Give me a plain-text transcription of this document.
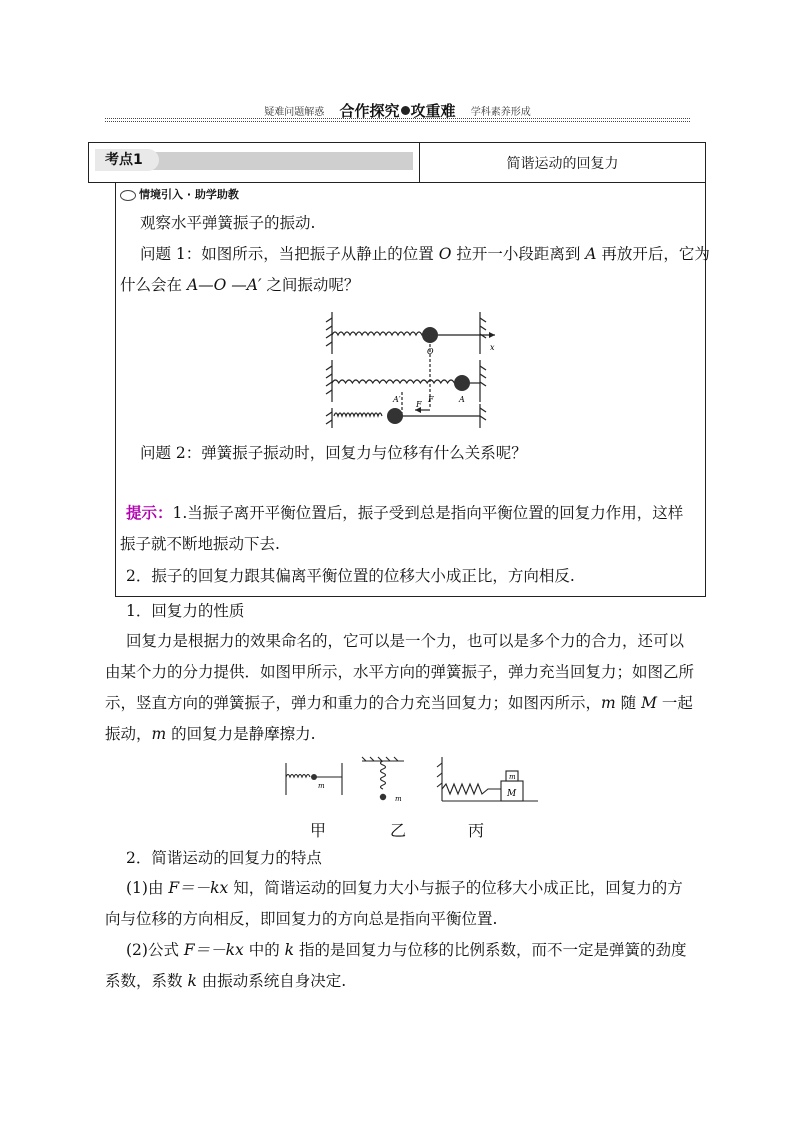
疑难问题解惑 合作探究 攻重难 学科素养形成
考点1	简谐运动的回复力
情境引入 · 助学助教
观察水平弹簧振子的振动.
问题 1：如图所示，当把振子从静止的位置 O 拉开一小段距离到 A 再放开后，它为
什么会在 A—O —A′ 之间振动呢？
O	x
A′	F	A
F
问题 2：弹簧振子振动时，回复力与位移有什么关系呢？
提示：1.当振子离开平衡位置后，振子受到总是指向平衡位置的回复力作用，这样
振子就不断地振动下去.
2．振子的回复力跟其偏离平衡位置的位移大小成正比，方向相反.
1．回复力的性质
回复力是根据力的效果命名的，它可以是一个力，也可以是多个力的合力，还可以
由某个力的分力提供．如图甲所示，水平方向的弹簧振子，弹力充当回复力；如图乙所
示，竖直方向的弹簧振子，弹力和重力的合力充当回复力；如图丙所示，m 随 M 一起
振动，m 的回复力是静摩擦力.
m
m
m
M
甲	乙	丙
2．简谐运动的回复力的特点
(1)由 F＝－kx 知，简谐运动的回复力大小与振子的位移大小成正比，回复力的方
向与位移的方向相反，即回复力的方向总是指向平衡位置.
(2)公式 F＝－kx 中的 k 指的是回复力与位移的比例系数，而不一定是弹簧的劲度
系数，系数 k 由振动系统自身决定.
